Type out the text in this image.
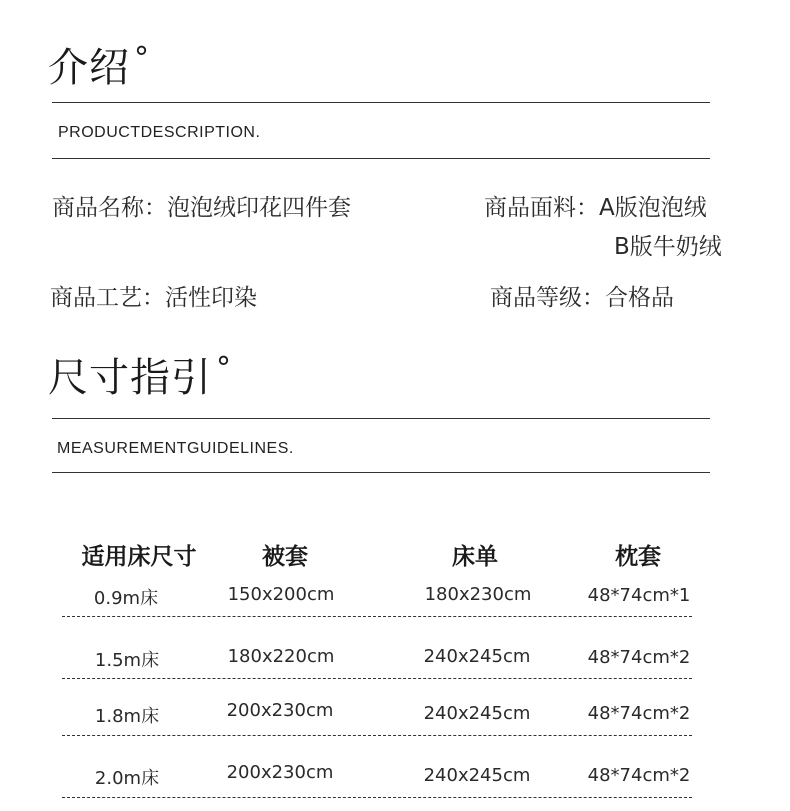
介绍 °
PRODUCTDESCRIPTION.
商品名称：泡泡绒印花四件套	商品面料：A版泡泡绒
B版牛奶绒
商品工艺：活性印染	商品等级：合格品
尺寸指引 °
MEASUREMENTGUIDELINES.
适用床尺寸	被套	床单	枕套
0.9m床	150x200cm	180x230cm	48*74cm*1
1.5m床	180x220cm	240x245cm	48*74cm*2
1.8m床	200x230cm	240x245cm	48*74cm*2
2.0m床	200x230cm	240x245cm	48*74cm*2
